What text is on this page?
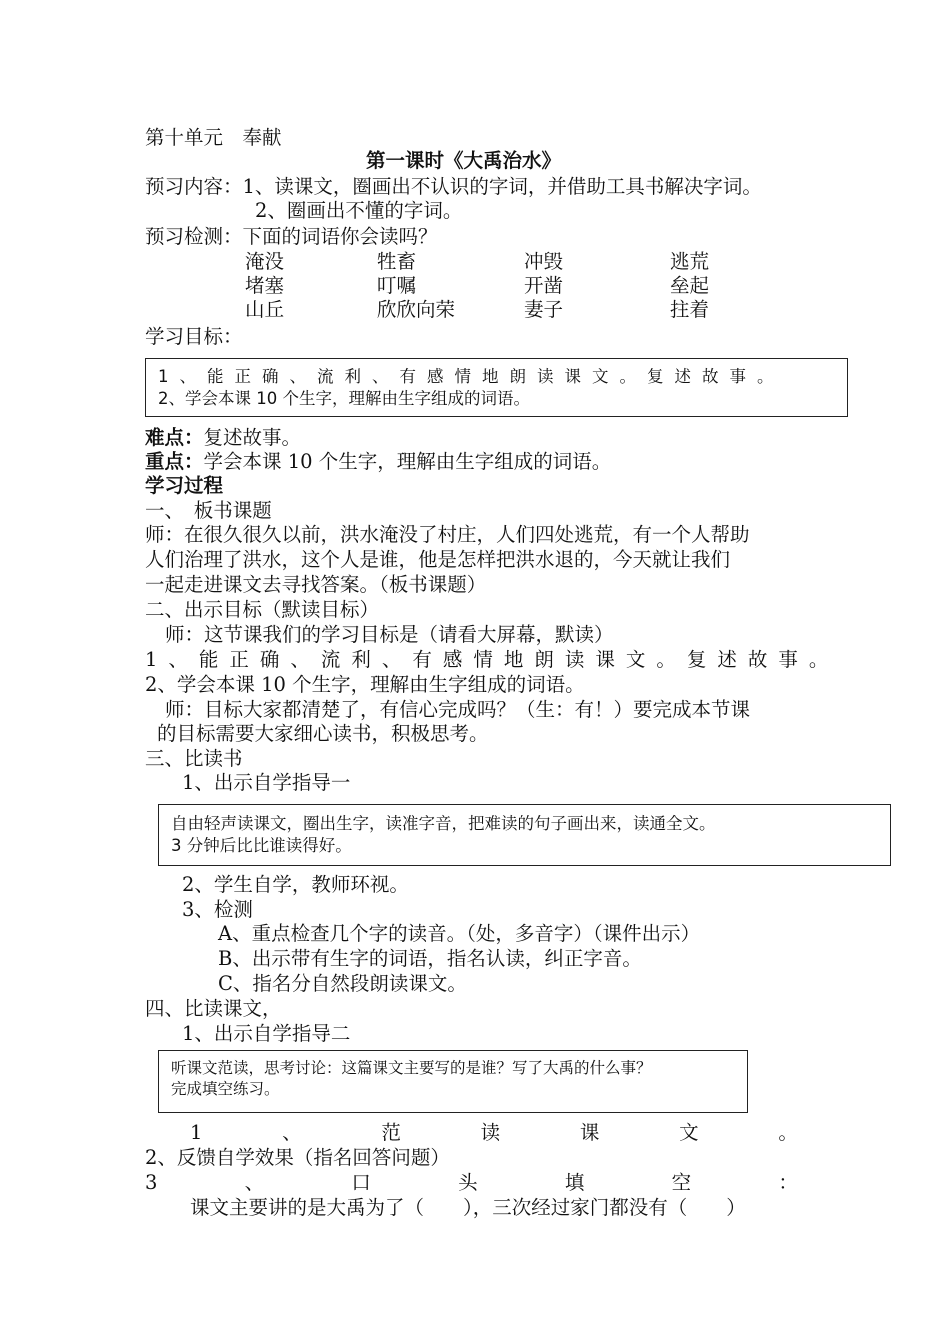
第十单元　奉献
第一课时《大禹治水》
预习内容：1、读课文，圈画出不认识的字词，并借助工具书解决字词。
2、圈画出不懂的字词。
预习检测：下面的词语你会读吗？
淹没	牲畜	冲毁	逃荒
堵塞	叮嘱	开凿	垒起
山丘	欣欣向荣	妻子	拄着
学习目标：
1、能正确、流利、有感情地朗读课文。复述故事。
2、学会本课 10 个生字，理解由生字组成的词语。
难点：复述故事。
重点：学会本课 10 个生字，理解由生字组成的词语。
学习过程
一、　板书课题
师：在很久很久以前，洪水淹没了村庄，人们四处逃荒，有一个人帮助
人们治理了洪水，这个人是谁，他是怎样把洪水退的，今天就让我们
一起走进课文去寻找答案。（板书课题）
二、出示目标（默读目标）
师：这节课我们的学习目标是（请看大屏幕，默读）
1、能正确、流利、有感情地朗读课文。复述故事。
2、学会本课 10 个生字，理解由生字组成的词语。
师：目标大家都清楚了，有信心完成吗？（生：有！）要完成本节课
的目标需要大家细心读书，积极思考。
三、比读书
1、出示自学指导一
自由轻声读课文，圈出生字，读准字音，把难读的句子画出来，读通全文。
3 分钟后比比谁读得好。
2、学生自学，教师环视。
3、检测
A、重点检查几个字的读音。（处，多音字）（课件出示）
B、出示带有生字的词语，指名认读，纠正字音。
C、指名分自然段朗读课文。
四、比读课文，
1、出示自学指导二
听课文范读，思考讨论：这篇课文主要写的是谁？写了大禹的什么事？
完成填空练习。
1	、	范	读	课	文	。
2、反馈自学效果（指名回答问题）
3	、	口	头	填	空	：
课文主要讲的是大禹为了（　　），三次经过家门都没有（　　）
